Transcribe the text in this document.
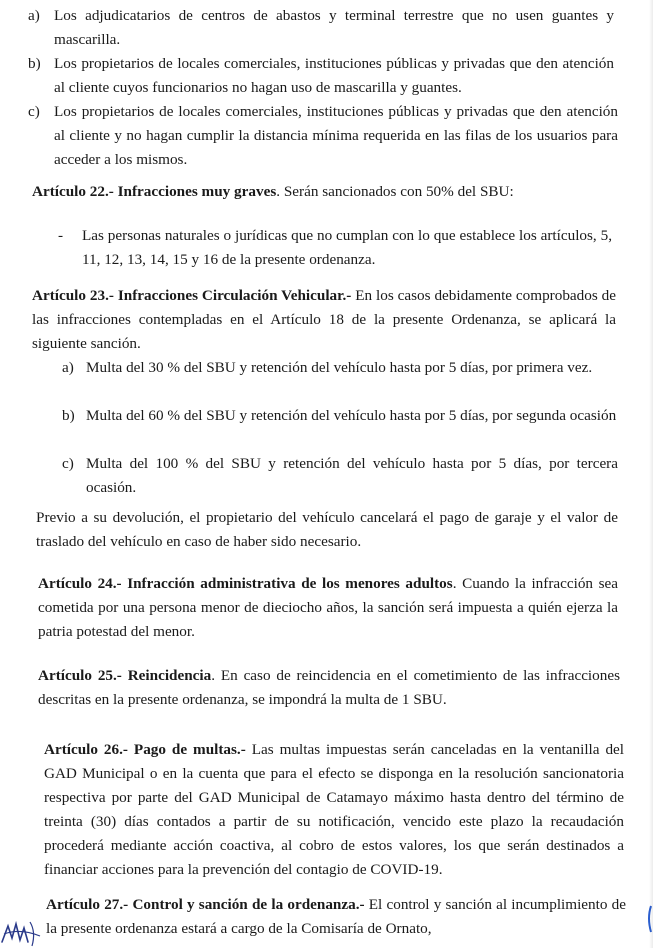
a) Los adjudicatarios de centros de abastos y terminal terrestre que no usen guantes y mascarilla.
b) Los propietarios de locales comerciales, instituciones públicas y privadas que den atención al cliente cuyos funcionarios no hagan uso de mascarilla y guantes.
c) Los propietarios de locales comerciales, instituciones públicas y privadas que den atención al cliente y no hagan cumplir la distancia mínima requerida en las filas de los usuarios para acceder a los mismos.
Artículo 22.- Infracciones muy graves. Serán sancionados con 50% del SBU:
- Las personas naturales o jurídicas que no cumplan con lo que establece los artículos, 5, 11, 12, 13, 14, 15 y 16 de la presente ordenanza.
Artículo 23.- Infracciones Circulación Vehicular.- En los casos debidamente comprobados de las infracciones contempladas en el Artículo 18 de la presente Ordenanza, se aplicará la siguiente sanción.
a) Multa del 30 % del SBU y retención del vehículo hasta por 5 días, por primera vez.
b) Multa del 60 % del SBU y retención del vehículo hasta por 5 días, por segunda ocasión
c) Multa del 100 % del SBU y retención del vehículo hasta por 5 días, por tercera ocasión.
Previo a su devolución, el propietario del vehículo cancelará el pago de garaje y el valor de traslado del vehículo en caso de haber sido necesario.
Artículo 24.- Infracción administrativa de los menores adultos. Cuando la infracción sea cometida por una persona menor de dieciocho años, la sanción será impuesta a quién ejerza la patria potestad del menor.
Artículo 25.- Reincidencia. En caso de reincidencia en el cometimiento de las infracciones descritas en la presente ordenanza, se impondrá la multa de 1 SBU.
Artículo 26.- Pago de multas.- Las multas impuestas serán canceladas en la ventanilla del GAD Municipal o en la cuenta que para el efecto se disponga en la resolución sancionatoria respectiva por parte del GAD Municipal de Catamayo máximo hasta dentro del término de treinta (30) días contados a partir de su notificación, vencido este plazo la recaudación procederá mediante acción coactiva, al cobro de estos valores, los que serán destinados a financiar acciones para la prevención del contagio de COVID-19.
Artículo 27.- Control y sanción de la ordenanza.- El control y sanción al incumplimiento de la presente ordenanza estará a cargo de la Comisaría de Ornato,
